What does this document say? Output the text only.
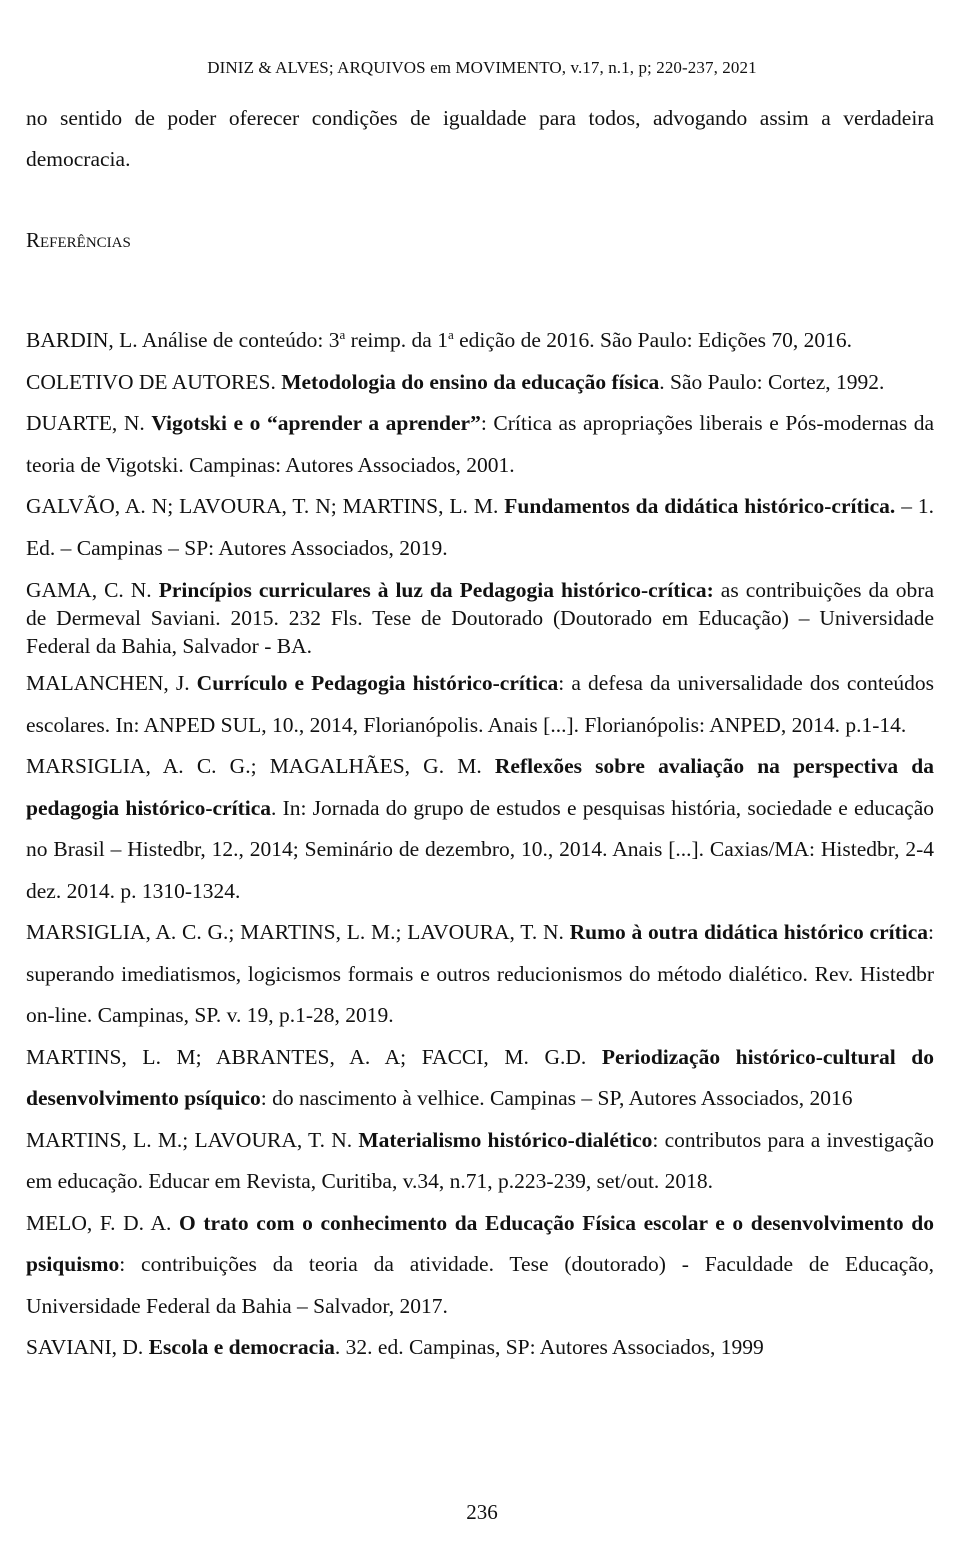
DINIZ & ALVES; ARQUIVOS em MOVIMENTO, v.17, n.1, p; 220-237, 2021

no sentido de poder oferecer condições de igualdade para todos, advogando assim a verdadeira democracia.

Referências

BARDIN, L. Análise de conteúdo: 3$^a$ reimp. da 1$^a$ edição de 2016. São Paulo: Edições 70, 2016.

COLETIVO DE AUTORES. Metodologia do ensino da educação física. São Paulo: Cortez, 1992.

DUARTE, N. Vigotski e o “aprender a aprender”: Crítica as apropriações liberais e Pós-modernas da teoria de Vigotski. Campinas: Autores Associados, 2001.

GALVÃO, A. N; LAVOURA, T. N; MARTINS, L. M. Fundamentos da didática histórico-crítica. – 1. Ed. – Campinas – SP: Autores Associados, 2019.

GAMA, C. N. Princípios curriculares à luz da Pedagogia histórico-crítica: as contribuições da obra de Dermeval Saviani. 2015. 232 Fls. Tese de Doutorado (Doutorado em Educação) – Universidade Federal da Bahia, Salvador - BA.

MALANCHEN, J. Currículo e Pedagogia histórico-crítica: a defesa da universalidade dos conteúdos escolares. In: ANPED SUL, 10., 2014, Florianópolis. Anais [...]. Florianópolis: ANPED, 2014. p.1-14.

MARSIGLIA, A. C. G.; MAGALHÃES, G. M. Reflexões sobre avaliação na perspectiva da pedagogia histórico-crítica. In: Jornada do grupo de estudos e pesquisas história, sociedade e educação no Brasil – Histedbr, 12., 2014; Seminário de dezembro, 10., 2014. Anais [...]. Caxias/MA: Histedbr, 2-4 dez. 2014. p. 1310-1324.

MARSIGLIA, A. C. G.; MARTINS, L. M.; LAVOURA, T. N. Rumo à outra didática histórico crítica: superando imediatismos, logicismos formais e outros reducionismos do método dialético. Rev. Histedbr on-line. Campinas, SP. v. 19, p.1-28, 2019.

MARTINS, L. M; ABRANTES, A. A; FACCI, M. G.D. Periodização histórico-cultural do desenvolvimento psíquico: do nascimento à velhice. Campinas – SP, Autores Associados, 2016

MARTINS, L. M.; LAVOURA, T. N. Materialismo histórico-dialético: contributos para a investigação em educação. Educar em Revista, Curitiba, v.34, n.71, p.223-239, set/out. 2018.

MELO, F. D. A. O trato com o conhecimento da Educação Física escolar e o desenvolvimento do psiquismo: contribuições da teoria da atividade. Tese (doutorado) - Faculdade de Educação, Universidade Federal da Bahia – Salvador, 2017.

SAVIANI, D. Escola e democracia. 32. ed. Campinas, SP: Autores Associados, 1999

236
